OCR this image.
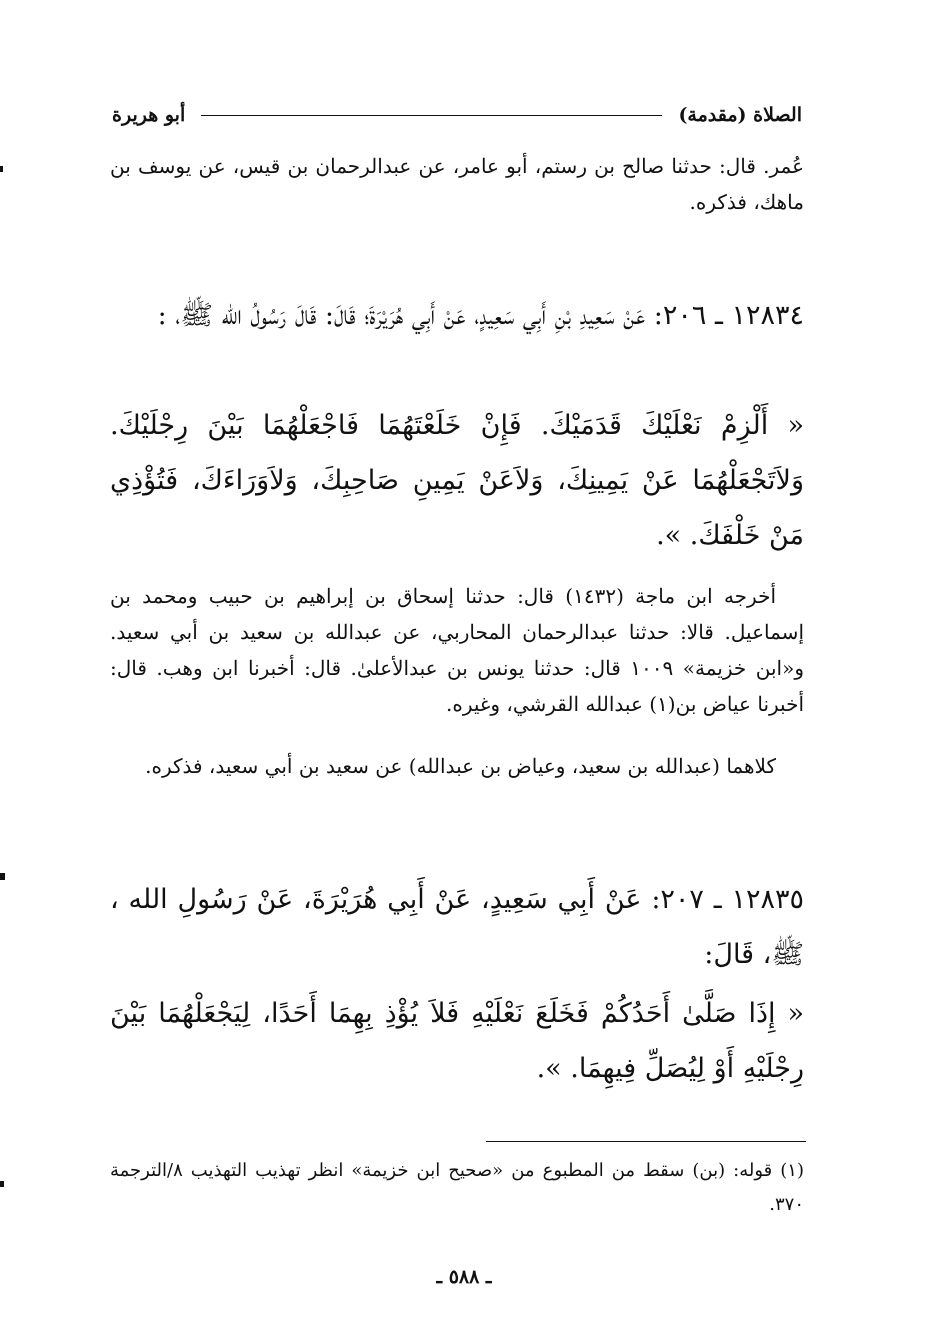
الصلاة (مقدمة)
أبو هريرة

عُمر. قال: حدثنا صالح بن رستم، أبو عامر، عن عبدالرحمان بن قيس، عن يوسف بن ماهك، فذكره.

١٢٨٣٤ ـ ٢٠٦: عَنْ سَعِيدِ بْنِ أَبِي سَعِيدٍ، عَنْ أَبِي هُرَيْرَةَ؛ قَالَ: قَالَ رَسُولُ الله ﷺ، :

« أَلْزِمْ نَعْلَيْكَ قَدَمَيْكَ. فَإِنْ خَلَعْتَهُمَا فَاجْعَلْهُمَا بَيْنَ رِجْلَيْكَ. وَلاَتَجْعَلْهُمَا عَنْ يَمِينِكَ، وَلاَعَنْ يَمِينِ صَاحِبِكَ، وَلاَوَرَاءَكَ، فَتُؤْذِي مَنْ خَلْفَكَ. ».

أخرجه ابن ماجة (١٤٣٢) قال: حدثنا إسحاق بن إبراهيم بن حبيب ومحمد بن إسماعيل. قالا: حدثنا عبدالرحمان المحاربي، عن عبدالله بن سعيد بن أبي سعيد. و«ابن خزيمة» ١٠٠٩ قال: حدثنا يونس بن عبدالأعلىٰ. قال: أخبرنا ابن وهب. قال: أخبرنا عياض بن(١) عبدالله القرشي، وغيره.

كلاهما (عبدالله بن سعيد، وعياض بن عبدالله) عن سعيد بن أبي سعيد، فذكره.

١٢٨٣٥ ـ ٢٠٧: عَنْ أَبِي سَعِيدٍ، عَنْ أَبِي هُرَيْرَةَ، عَنْ رَسُولِ الله ، ﷺ، قَالَ:

« إِذَا صَلَّىٰ أَحَدُكُمْ فَخَلَعَ نَعْلَيْهِ فَلاَ يُؤْذِ بِهِمَا أَحَدًا، لِيَجْعَلْهُمَا بَيْنَ رِجْلَيْهِ أَوْ لِيُصَلِّ فِيهِمَا. ».

(١) قوله: (بن) سقط من المطبوع من «صحيح ابن خزيمة» انظر تهذيب التهذيب ٨/الترجمة ٣٧٠.

ـ ٥٨٨ ـ
